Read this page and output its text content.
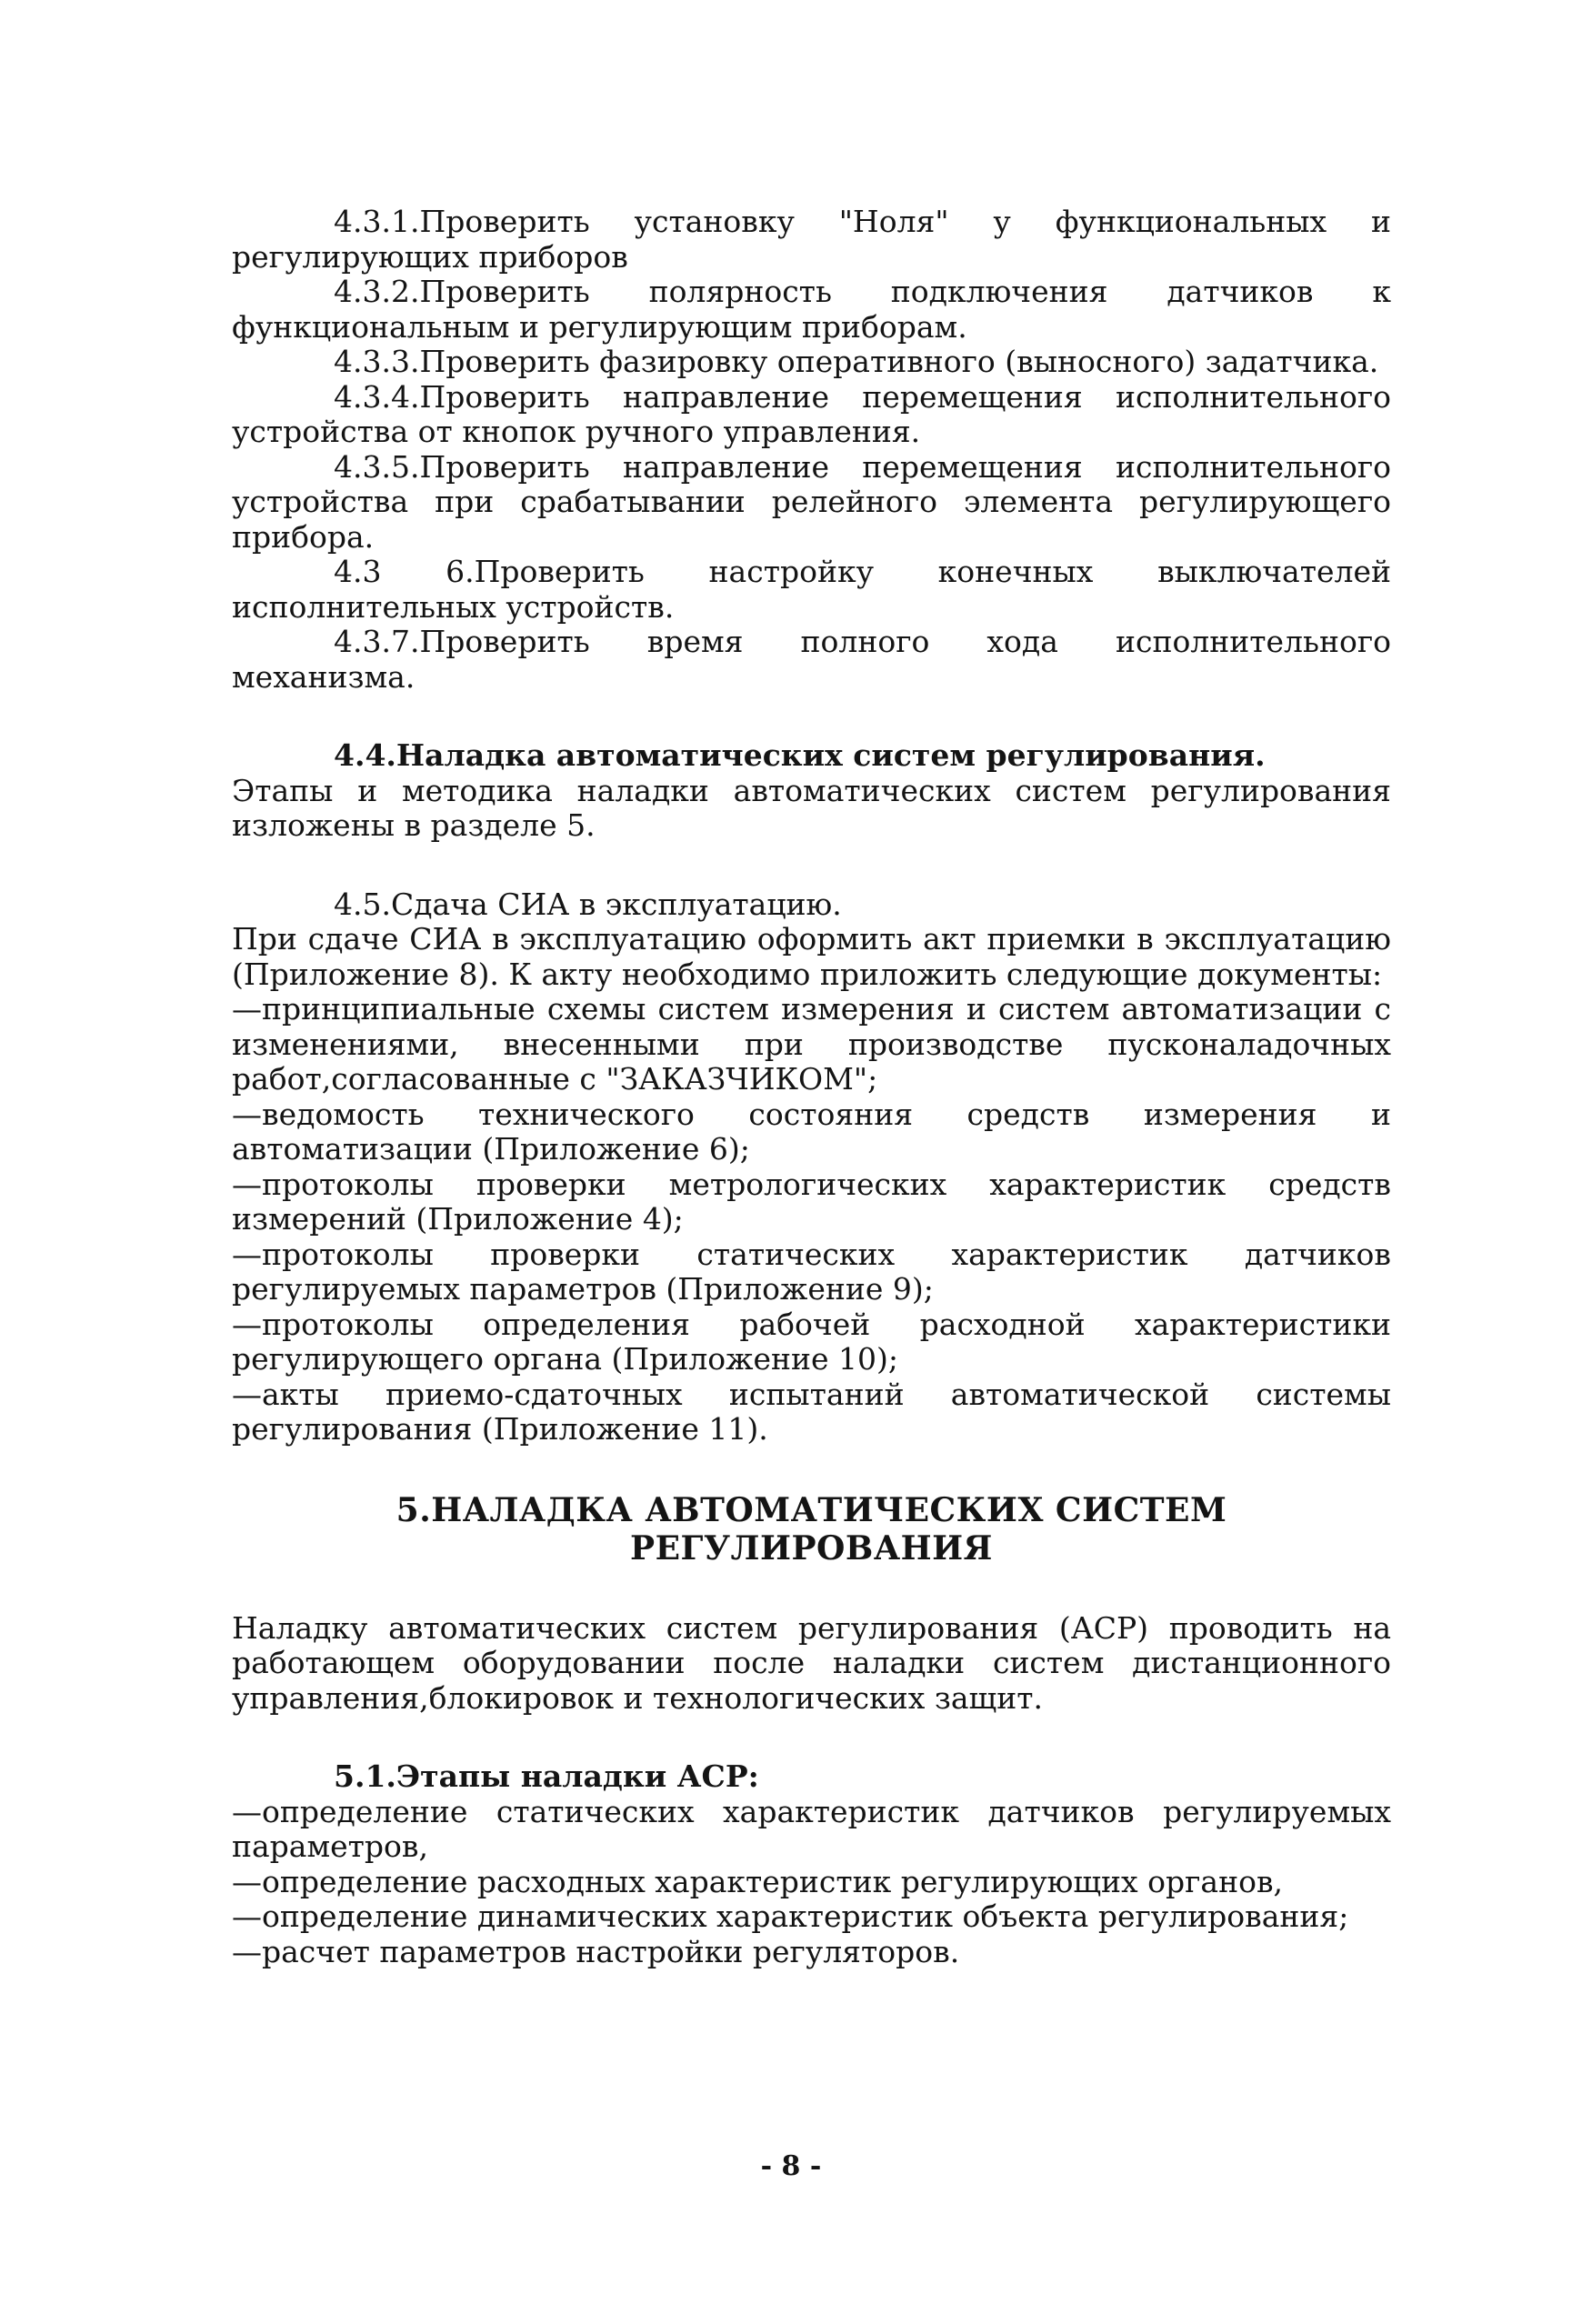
4.3.1.Проверить установку "Ноля" у функциональных и регулирующих приборов

4.3.2.Проверить полярность подключения датчиков к функциональным и регулирующим приборам.

4.3.3.Проверить фазировку оперативного (выносного) задатчика.

4.3.4.Проверить направление перемещения исполнительного устройства от кнопок ручного управления.

4.3.5.Проверить направление перемещения исполнительного устройства при срабатывании релейного элемента регулирующего прибора.

4.3 6.Проверить настройку конечных выключателей исполнительных устройств.

4.3.7.Проверить время полного хода исполнительного механизма.

4.4.Наладка автоматических систем регулирования.

Этапы и методика наладки автоматических систем регулирования изложены в разделе 5.

4.5.Сдача СИА в эксплуатацию.

При сдаче СИА в эксплуатацию оформить акт приемки в эксплуатацию (Приложение 8). К акту необходимо приложить следующие документы:

—принципиальные схемы систем измерения и систем автоматизации с изменениями, внесенными при производстве пусконаладочных работ,согласованные с "ЗАКАЗЧИКОМ";

—ведомость технического состояния средств измерения и автоматизации (Приложение 6);

—протоколы проверки метрологических характеристик средств измерений (Приложение 4);

—протоколы проверки статических характеристик датчиков регулируемых параметров (Приложение 9);

—протоколы определения рабочей расходной характеристики регулирующего органа (Приложение 10);

—акты приемо-сдаточных испытаний автоматической системы регулирования (Приложение 11).

5.НАЛАДКА АВТОМАТИЧЕСКИХ СИСТЕМ РЕГУЛИРОВАНИЯ

Наладку автоматических систем регулирования (АСР) проводить на работающем оборудовании после наладки систем дистанционного управления,блокировок и технологических защит.

5.1.Этапы наладки АСР:

—определение статических характеристик датчиков регулируемых параметров,

—определение расходных характеристик регулирующих органов,

—определение динамических характеристик объекта регулирования;

—расчет параметров настройки регуляторов.

- 8 -
